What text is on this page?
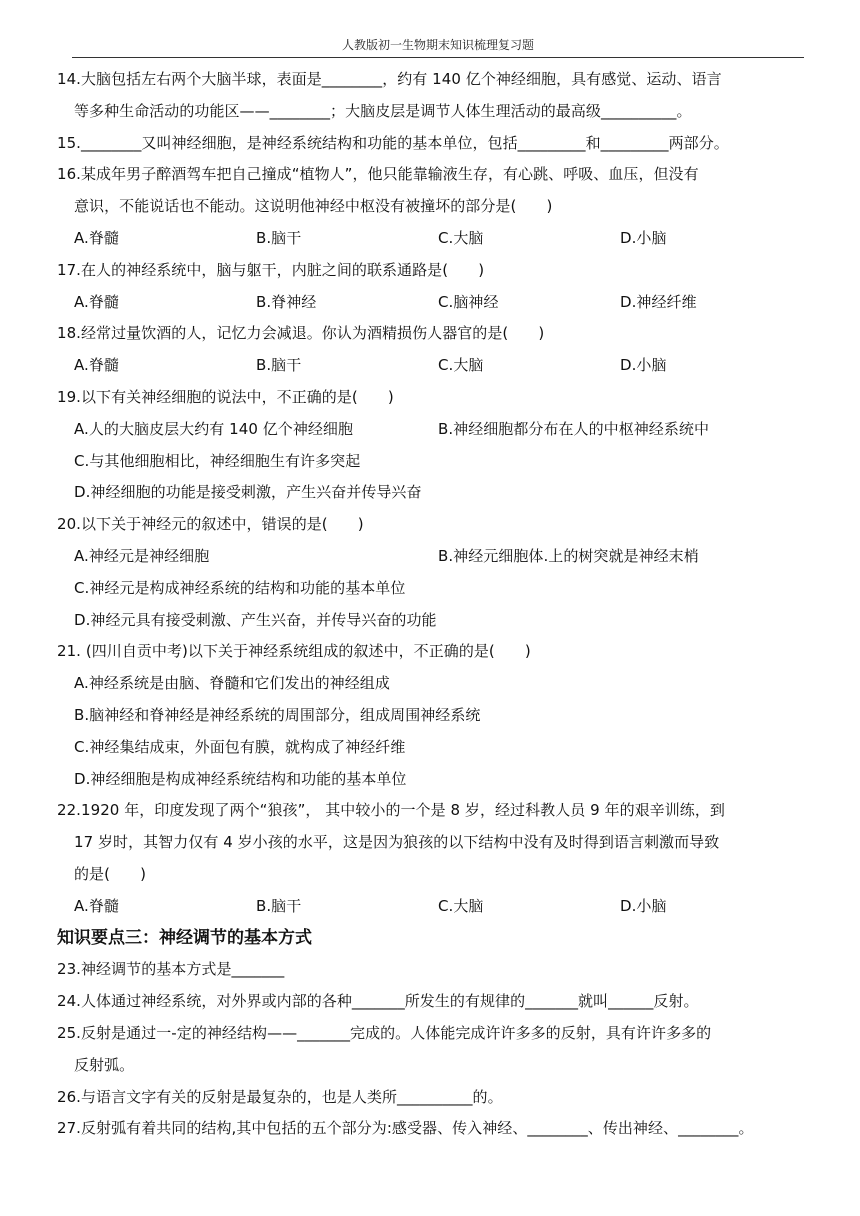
人教版初一生物期末知识梳理复习题
14.大脑包括左右两个大脑半球，表面是________，约有 140 亿个神经细胞，具有感觉、运动、语言
等多种生命活动的功能区——________；大脑皮层是调节人体生理活动的最高级__________。
15.________又叫神经细胞，是神经系统结构和功能的基本单位，包括_________和_________两部分。
16.某成年男子醉酒驾车把自己撞成“植物人”，他只能靠输液生存，有心跳、呼吸、血压，但没有
意识，不能说话也不能动。这说明他神经中枢没有被撞坏的部分是(　　)
A.脊髓	B.脑干	C.大脑	D.小脑
17.在人的神经系统中，脑与躯干，内脏之间的联系通路是(　　)
A.脊髓	B.脊神经	C.脑神经	D.神经纤维
18.经常过量饮酒的人，记忆力会减退。你认为酒精损伤人器官的是(　　)
A.脊髓	B.脑干	C.大脑	D.小脑
19.以下有关神经细胞的说法中，不正确的是(　　)
A.人的大脑皮层大约有 140 亿个神经细胞	B.神经细胞都分布在人的中枢神经系统中
C.与其他细胞相比，神经细胞生有许多突起
D.神经细胞的功能是接受刺激，产生兴奋并传导兴奋
20.以下关于神经元的叙述中，错误的是(　　)
A.神经元是神经细胞	B.神经元细胞体.上的树突就是神经末梢
C.神经元是构成神经系统的结构和功能的基本单位
D.神经元具有接受刺激、产生兴奋，并传导兴奋的功能
21. (四川自贡中考)以下关于神经系统组成的叙述中，不正确的是(　　)
A.神经系统是由脑、脊髓和它们发出的神经组成
B.脑神经和脊神经是神经系统的周围部分，组成周围神经系统
C.神经集结成束，外面包有膜，就构成了神经纤维
D.神经细胞是构成神经系统结构和功能的基本单位
22.1920 年，印度发现了两个“狼孩”， 其中较小的一个是 8 岁，经过科教人员 9 年的艰辛训练，到
17 岁时，其智力仅有 4 岁小孩的水平，这是因为狼孩的以下结构中没有及时得到语言刺激而导致
的是(　　)
A.脊髓	B.脑干	C.大脑	D.小脑
知识要点三：神经调节的基本方式
23.神经调节的基本方式是_______
24.人体通过神经系统，对外界或内部的各种_______所发生的有规律的_______就叫______反射。
25.反射是通过一-定的神经结构——_______完成的。人体能完成许许多多的反射，具有许许多多的
反射弧。
26.与语言文字有关的反射是最复杂的，也是人类所__________的。
27.反射弧有着共同的结构,其中包括的五个部分为:感受器、传入神经、________、传出神经、________。
